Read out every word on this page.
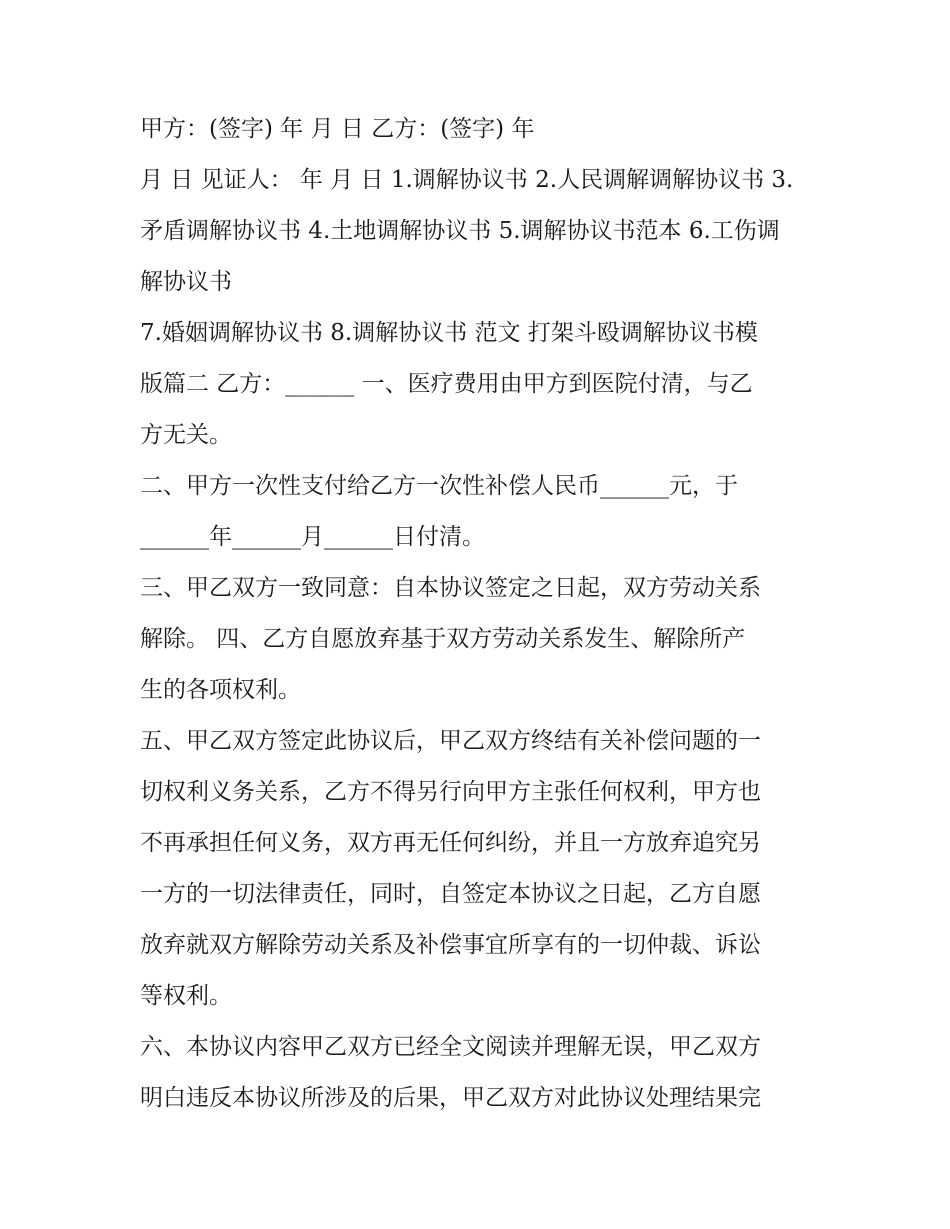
甲方：(签字) 年 月 日 乙方：(签字) 年
月 日 见证人： 年 月 日 1.调解协议书 2.人民调解调解协议书 3.
矛盾调解协议书 4.土地调解协议书 5.调解协议书范本 6.工伤调
解协议书
7.婚姻调解协议书 8.调解协议书 范文 打架斗殴调解协议书模
版篇二 乙方：______ 一、医疗费用由甲方到医院付清，与乙
方无关。
二、甲方一次性支付给乙方一次性补偿人民币______元，于
______年______月______日付清。
三、甲乙双方一致同意：自本协议签定之日起，双方劳动关系
解除。 四、乙方自愿放弃基于双方劳动关系发生、解除所产
生的各项权利。
五、甲乙双方签定此协议后，甲乙双方终结有关补偿问题的一
切权利义务关系，乙方不得另行向甲方主张任何权利，甲方也
不再承担任何义务，双方再无任何纠纷，并且一方放弃追究另
一方的一切法律责任，同时，自签定本协议之日起，乙方自愿
放弃就双方解除劳动关系及补偿事宜所享有的一切仲裁、诉讼
等权利。
六、本协议内容甲乙双方已经全文阅读并理解无误，甲乙双方
明白违反本协议所涉及的后果，甲乙双方对此协议处理结果完
